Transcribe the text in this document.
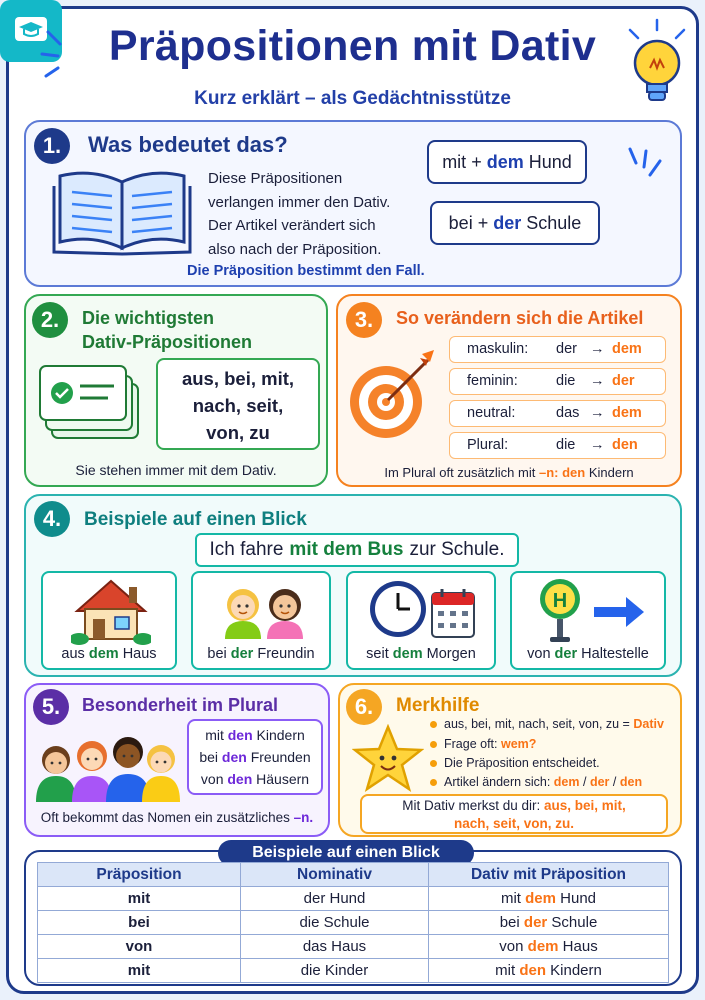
Präpositionen mit Dativ
Kurz erklärt – als Gedächtnisstütze
1.	Was bedeutet das?
Diese Präpositionen
verlangen immer den Dativ.
Der Artikel verändert sich
also nach der Präposition.
Die Präposition bestimmt den Fall.
mit
+
dem
Hund
bei
+
der
Schule
2.	Die wichtigsten
Dativ-Präpositionen
aus, bei, mit,
nach, seit,
von, zu
Sie stehen immer mit dem Dativ.
3.	So verändern sich die Artikel
maskulin: der → dem
feminin:	die → der
neutral:	das → dem
Plural:	die → den
Im Plural oft zusätzlich mit –n: den Kindern
4.	Beispiele auf einen Blick
Ich fahre mit dem Bus zur Schule.
aus dem Haus	bei der Freundin	seit dem Morgen
H
von der Haltestelle
5.	Besonderheit im Plural
mit den Kindern
bei den Freunden
von den Häusern
Oft bekommt das Nomen ein zusätzliches –n.
6.	Merkhilfe
aus, bei, mit, nach, seit, von, zu = Dativ
Frage oft: wem?
Die Präposition entscheidet.
Artikel ändern sich: dem / der / den
Mit Dativ merkst du dir: aus, bei, mit,
nach, seit, von, zu.
Beispiele auf einen Blick
Präposition	Nominativ	Dativ mit Präposition
mit	der Hund	mit dem Hund
bei	die Schule	bei der Schule
von	das Haus	von dem Haus
mit	die Kinder	mit den Kindern
